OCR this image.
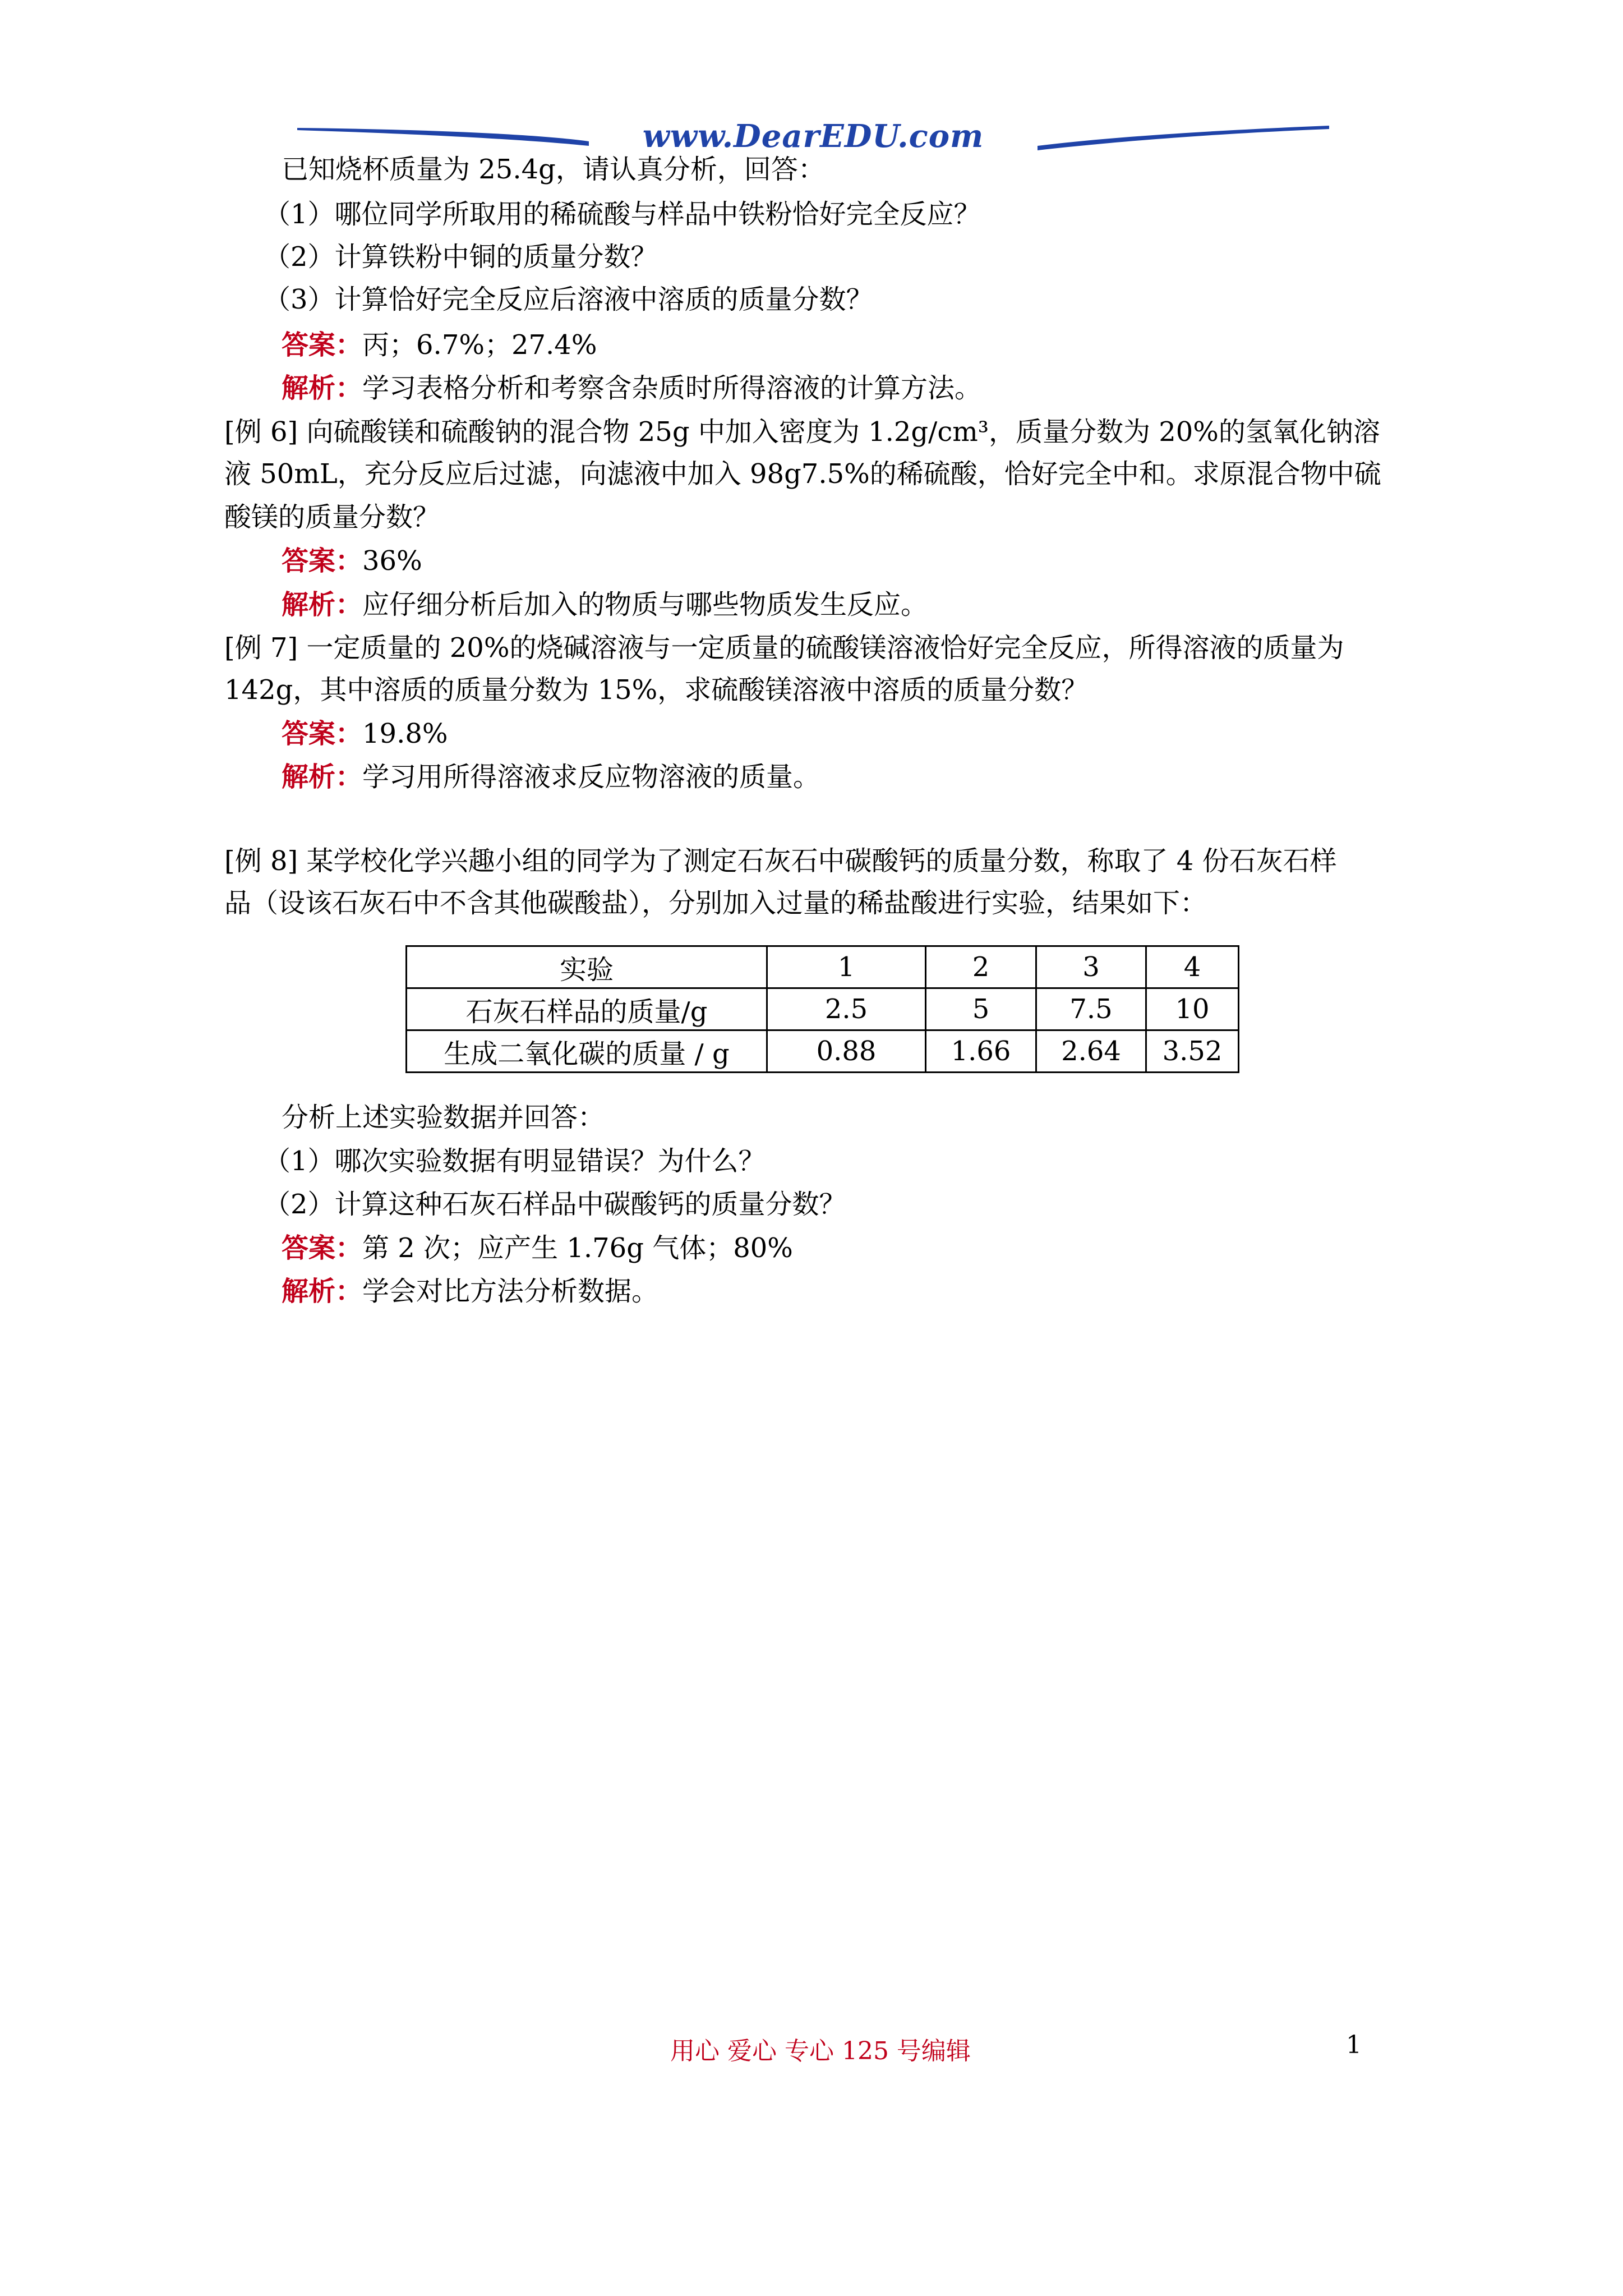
www.DearEDU.com
已知烧杯质量为 25.4g，请认真分析，回答：
（1）哪位同学所取用的稀硫酸与样品中铁粉恰好完全反应？
（2）计算铁粉中铜的质量分数？
（3）计算恰好完全反应后溶液中溶质的质量分数？
答案：丙；6.7%；27.4%
解析：学习表格分析和考察含杂质时所得溶液的计算方法。
[例 6] 向硫酸镁和硫酸钠的混合物 25g 中加入密度为 1.2g/cm³，质量分数为 20%的氢氧化钠溶
液 50mL，充分反应后过滤，向滤液中加入 98g7.5%的稀硫酸，恰好完全中和。求原混合物中硫
酸镁的质量分数？
答案：36%
解析：应仔细分析后加入的物质与哪些物质发生反应。
[例 7] 一定质量的 20%的烧碱溶液与一定质量的硫酸镁溶液恰好完全反应，所得溶液的质量为
142g，其中溶质的质量分数为 15%，求硫酸镁溶液中溶质的质量分数？
答案：19.8%
解析：学习用所得溶液求反应物溶液的质量。
[例 8] 某学校化学兴趣小组的同学为了测定石灰石中碳酸钙的质量分数，称取了 4 份石灰石样
品（设该石灰石中不含其他碳酸盐），分别加入过量的稀盐酸进行实验，结果如下：
实验	1	2	3	4
石灰石样品的质量/g	2.5	5	7.5	10
生成二氧化碳的质量 / g	0.88	1.66	2.64	3.52
分析上述实验数据并回答：
（1）哪次实验数据有明显错误？为什么？
（2）计算这种石灰石样品中碳酸钙的质量分数？
答案：第 2 次；应产生 1.76g 气体；80%
解析：学会对比方法分析数据。
用心 爱心 专心 125 号编辑	1
